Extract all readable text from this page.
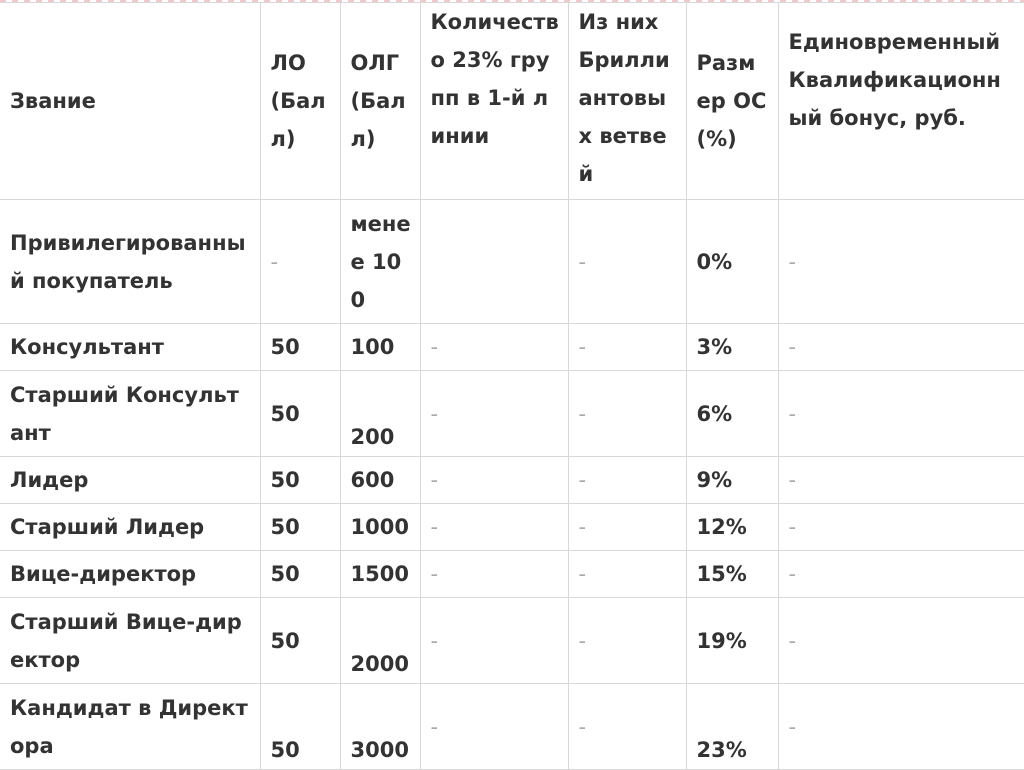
Звание	ЛО (Балл)	ОЛГ (Балл)	Количество 23% групп в 1-й линии	Из них Бриллиантовых ветвей	Размер ОС (%)	Единовременный Квалификационный бонус, руб.
Привилегированный покупатель	-	менее 100		-	0%	-
Консультант	50	100	-	-	3%	-
Старший Консультант	50	200	-	-	6%	-
Лидер	50	600	-	-	9%	-
Старший Лидер	50	1000	-	-	12%	-
Вице-директор	50	1500	-	-	15%	-
Старший Вице-директор	50	2000	-	-	19%	-
Кандидат в Директора	50	3000	-	-	23%	-
